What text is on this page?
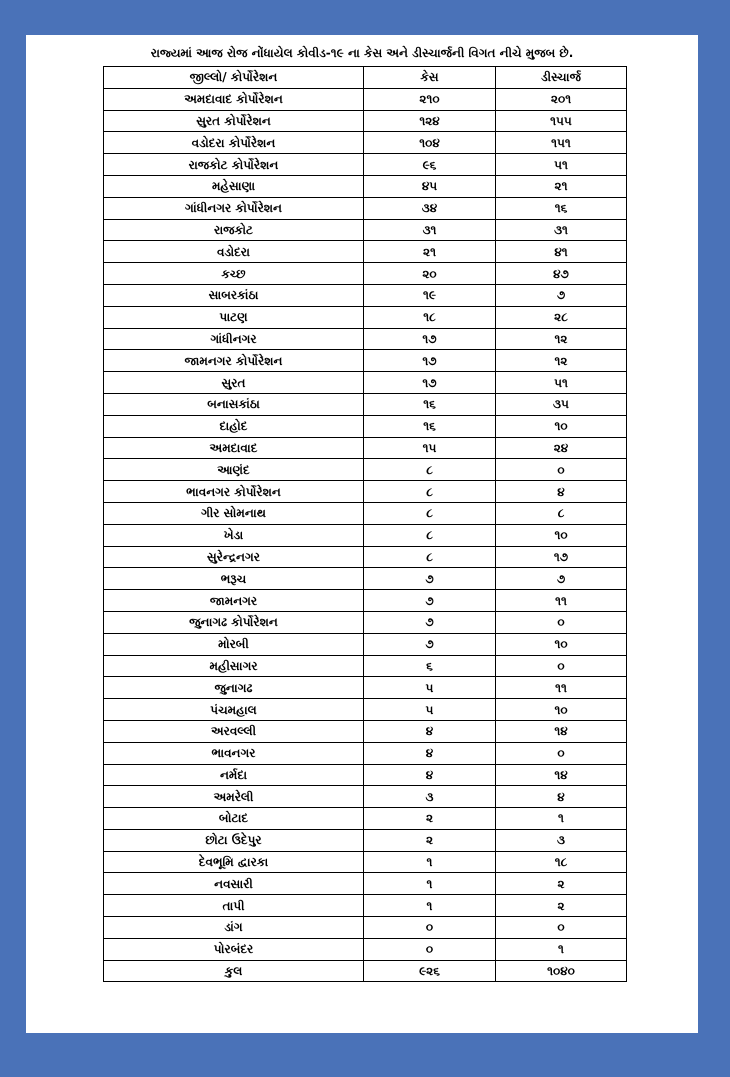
રાજ્યમાં આજ રોજ નોંધાયેલ કોવીડ-૧૯ ના કેસ અને ડીસ્ચાર્જની વિગત નીચે મુજબ છે.
જીલ્લો/ કોર્પોરેશન	કેસ	ડીસ્ચાર્જ
અમદાવાદ કોર્પોરેશન	૨૧૦	૨૦૧
સુરત કોર્પોરેશન	૧૨૪	૧૫૫
વડોદરા કોર્પોરેશન	૧૦૪	૧૫૧
રાજકોટ કોર્પોરેશન	૯૬	૫૧
મહેસાણા	૪૫	૨૧
ગાંધીનગર કોર્પોરેશન	૩૪	૧૬
રાજકોટ	૩૧	૩૧
વડોદરા	૨૧	૪૧
કચ્છ	૨૦	૪૭
સાબરકાંઠા	૧૯	૭
પાટણ	૧૮	૨૮
ગાંધીનગર	૧૭	૧૨
જામનગર કોર્પોરેશન	૧૭	૧૨
સુરત	૧૭	૫૧
બનાસકાંઠા	૧૬	૩૫
દાહોદ	૧૬	૧૦
અમદાવાદ	૧૫	૨૪
આણંદ	૮	૦
ભાવનગર કોર્પોરેશન	૮	૪
ગીર સોમનાથ	૮	૮
ખેડા	૮	૧૦
સુરેન્દ્રનગર	૮	૧૭
ભરૂચ	૭	૭
જામનગર	૭	૧૧
જુનાગઢ કોર્પોરેશન	૭	૦
મોરબી	૭	૧૦
મહીસાગર	૬	૦
જુનાગઢ	૫	૧૧
પંચમહાલ	૫	૧૦
અરવલ્લી	૪	૧૪
ભાવનગર	૪	૦
નર્મદા	૪	૧૪
અમરેલી	૩	૪
બોટાદ	૨	૧
છોટા ઉદેપુર	૨	૩
દેવભૂમિ દ્વારકા	૧	૧૮
નવસારી	૧	૨
તાપી	૧	૨
ડાંગ	૦	૦
પોરબંદર	૦	૧
કુલ	૯૨૬	૧૦૪૦
